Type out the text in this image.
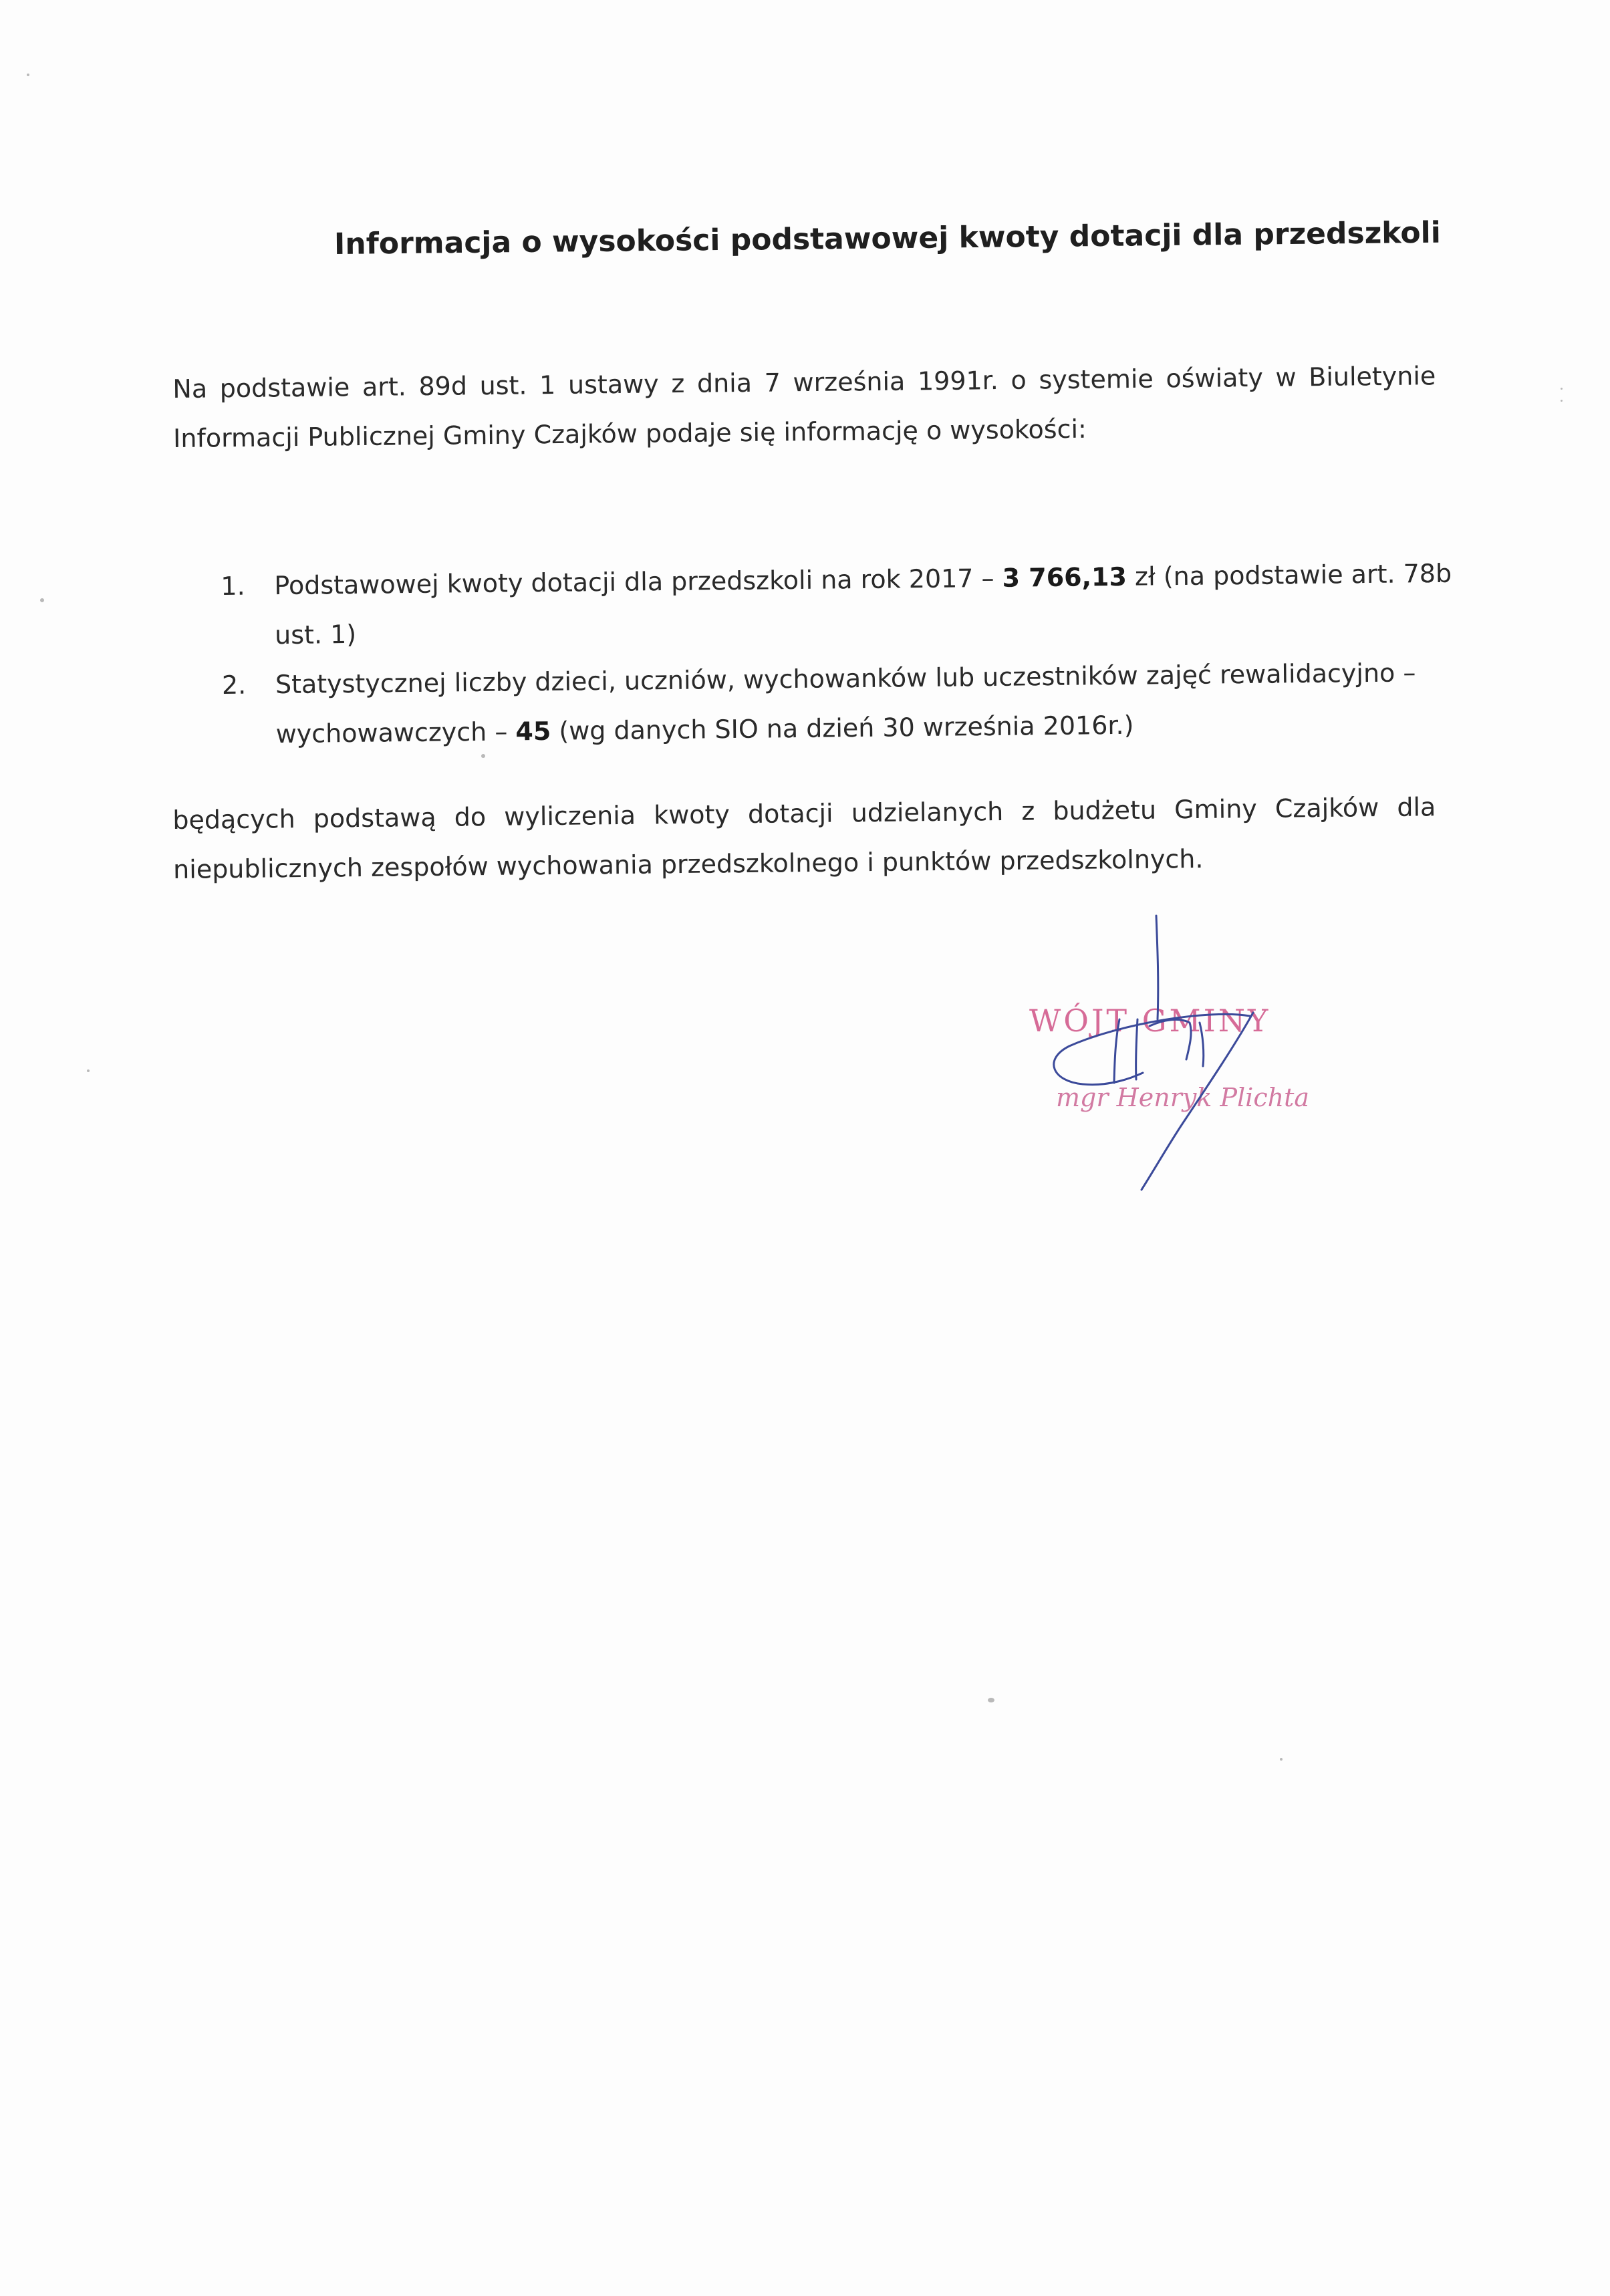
Informacja o wysokości podstawowej kwoty dotacji dla przedszkoli
Na podstawie art. 89d ust. 1 ustawy z dnia 7 września 1991r. o systemie oświaty w Biuletynie
Informacji Publicznej Gminy Czajków podaje się informację o wysokości:
1. Podstawowej kwoty dotacji dla przedszkoli na rok 2017 – 3 766,13 zł (na podstawie art. 78b
ust. 1)
2. Statystycznej liczby dzieci, uczniów, wychowanków lub uczestników zajęć rewalidacyjno –
wychowawczych – 45 (wg danych SIO na dzień 30 września 2016r.)
będących podstawą do wyliczenia kwoty dotacji udzielanych z budżetu Gminy Czajków dla
niepublicznych zespołów wychowania przedszkolnego i punktów przedszkolnych.
WÓJT GMINY
mgr Henryk Plichta
